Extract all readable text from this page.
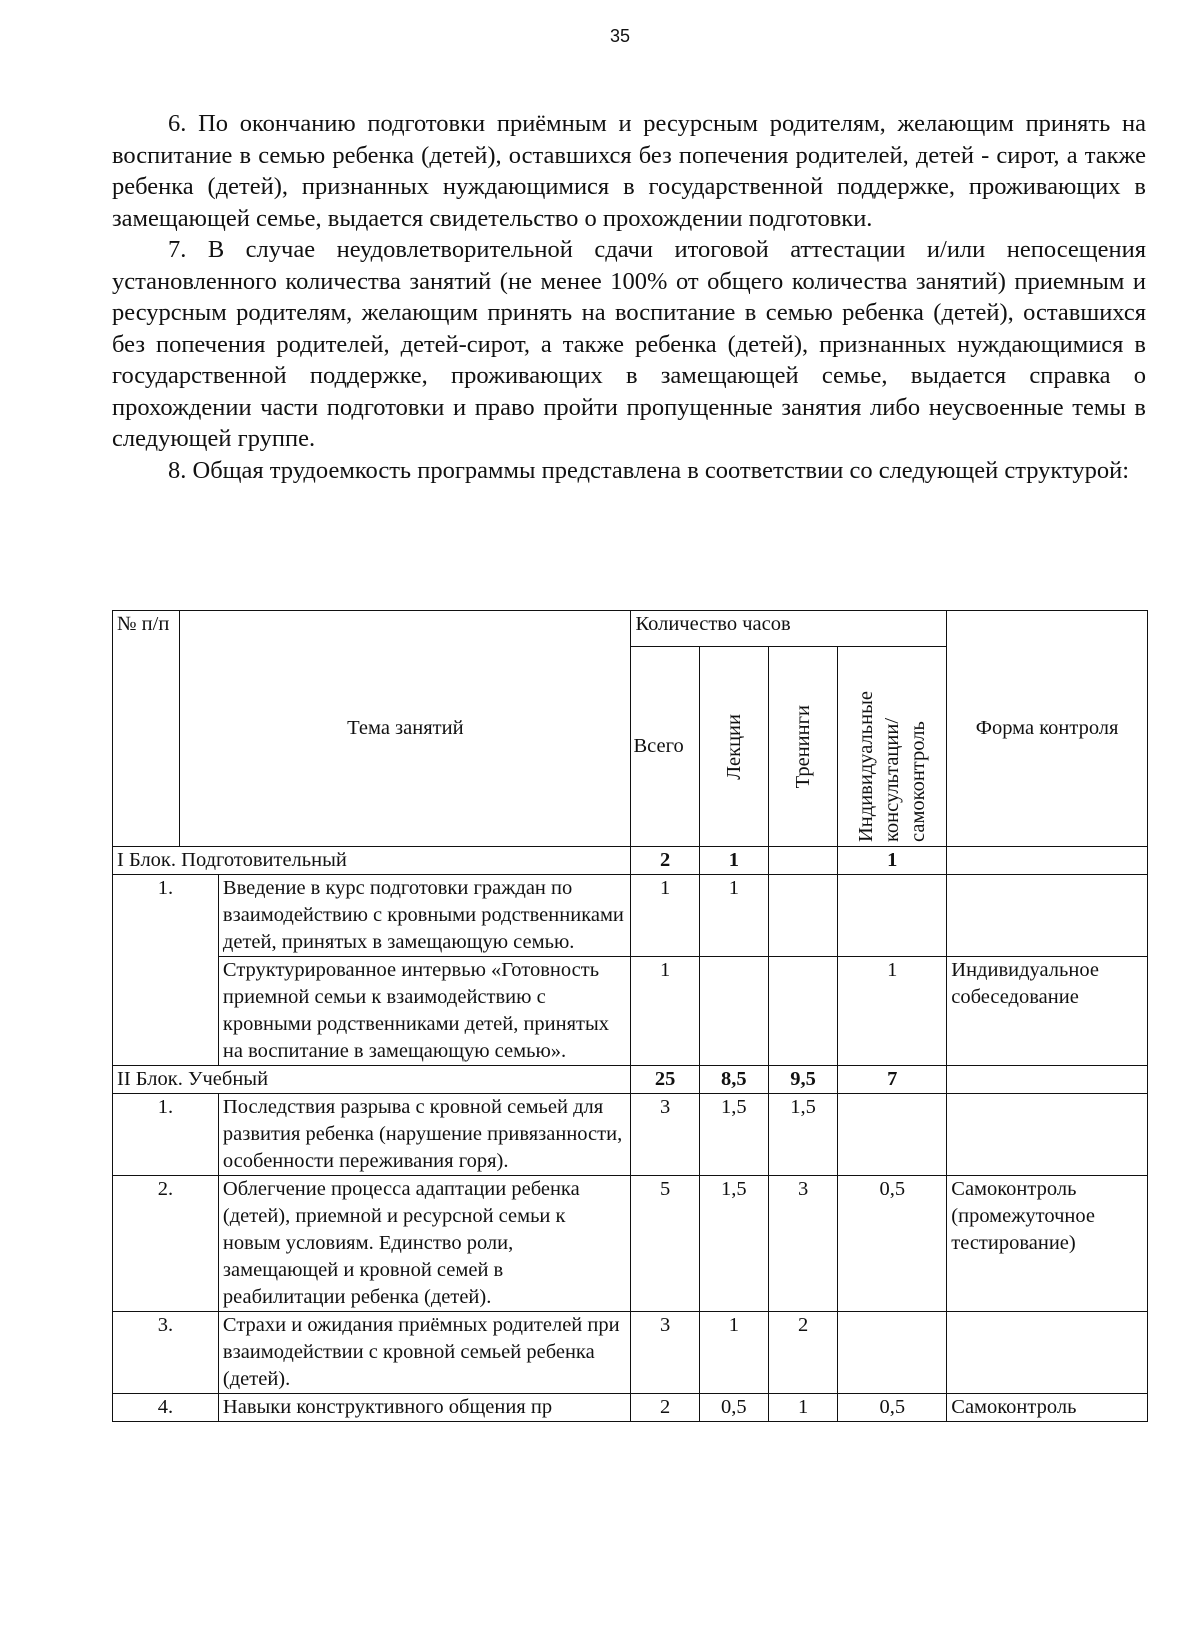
35

6. По окончанию подготовки приёмным и ресурсным родителям, желающим принять на воспитание в семью ребенка (детей), оставшихся без попечения родителей, детей - сирот, а также ребенка (детей), признанных нуждающимися в государственной поддержке, проживающих в замещающей семье, выдается свидетельство о прохождении подготовки.

7. В случае неудовлетворительной сдачи итоговой аттестации и/или непосещения установленного количества занятий (не менее 100% от общего количества занятий) приемным и ресурсным родителям, желающим принять на воспитание в семью ребенка (детей), оставшихся без попечения родителей, детей-сирот, а также ребенка (детей), признанных нуждающимися в государственной поддержке, проживающих в замещающей семье, выдается справка о прохождении части подготовки и право пройти пропущенные занятия либо неусвоенные темы в следующей группе.

8. Общая трудоемкость программы представлена в соответствии со следующей структурой:

№ п/п	Тема занятий		Количество часов				Форма контроля
			Всего	Лекции	Тренинги	Индивидуальные консультации/ самоконтроль	

I Блок. Подготовительный			2	1		1	
1.		Введение в курс подготовки граждан по взаимодействию с кровными родственниками детей, принятых в замещающую семью.	1	1			
		Структурированное интервью «Готовность приемной семьи к взаимодействию с кровными родственниками детей, принятых на воспитание в замещающую семью».	1			1	Индивидуальное собеседование
II Блок. Учебный			25	8,5	9,5	7	
1.		Последствия разрыва с кровной семьей для развития ребенка (нарушение привязанности, особенности переживания горя).	3	1,5	1,5		
2.		Облегчение процесса адаптации ребенка (детей), приемной и ресурсной семьи к новым условиям. Единство роли, замещающей и кровной семей в реабилитации ребенка (детей).	5	1,5	3	0,5	Самоконтроль (промежуточное тестирование)
3.		Страхи и ожидания приёмных родителей при взаимодействии с кровной семьей ребенка (детей).	3	1	2		
4.		Навыки конструктивного общения пр	2	0,5	1	0,5	Самоконтроль
